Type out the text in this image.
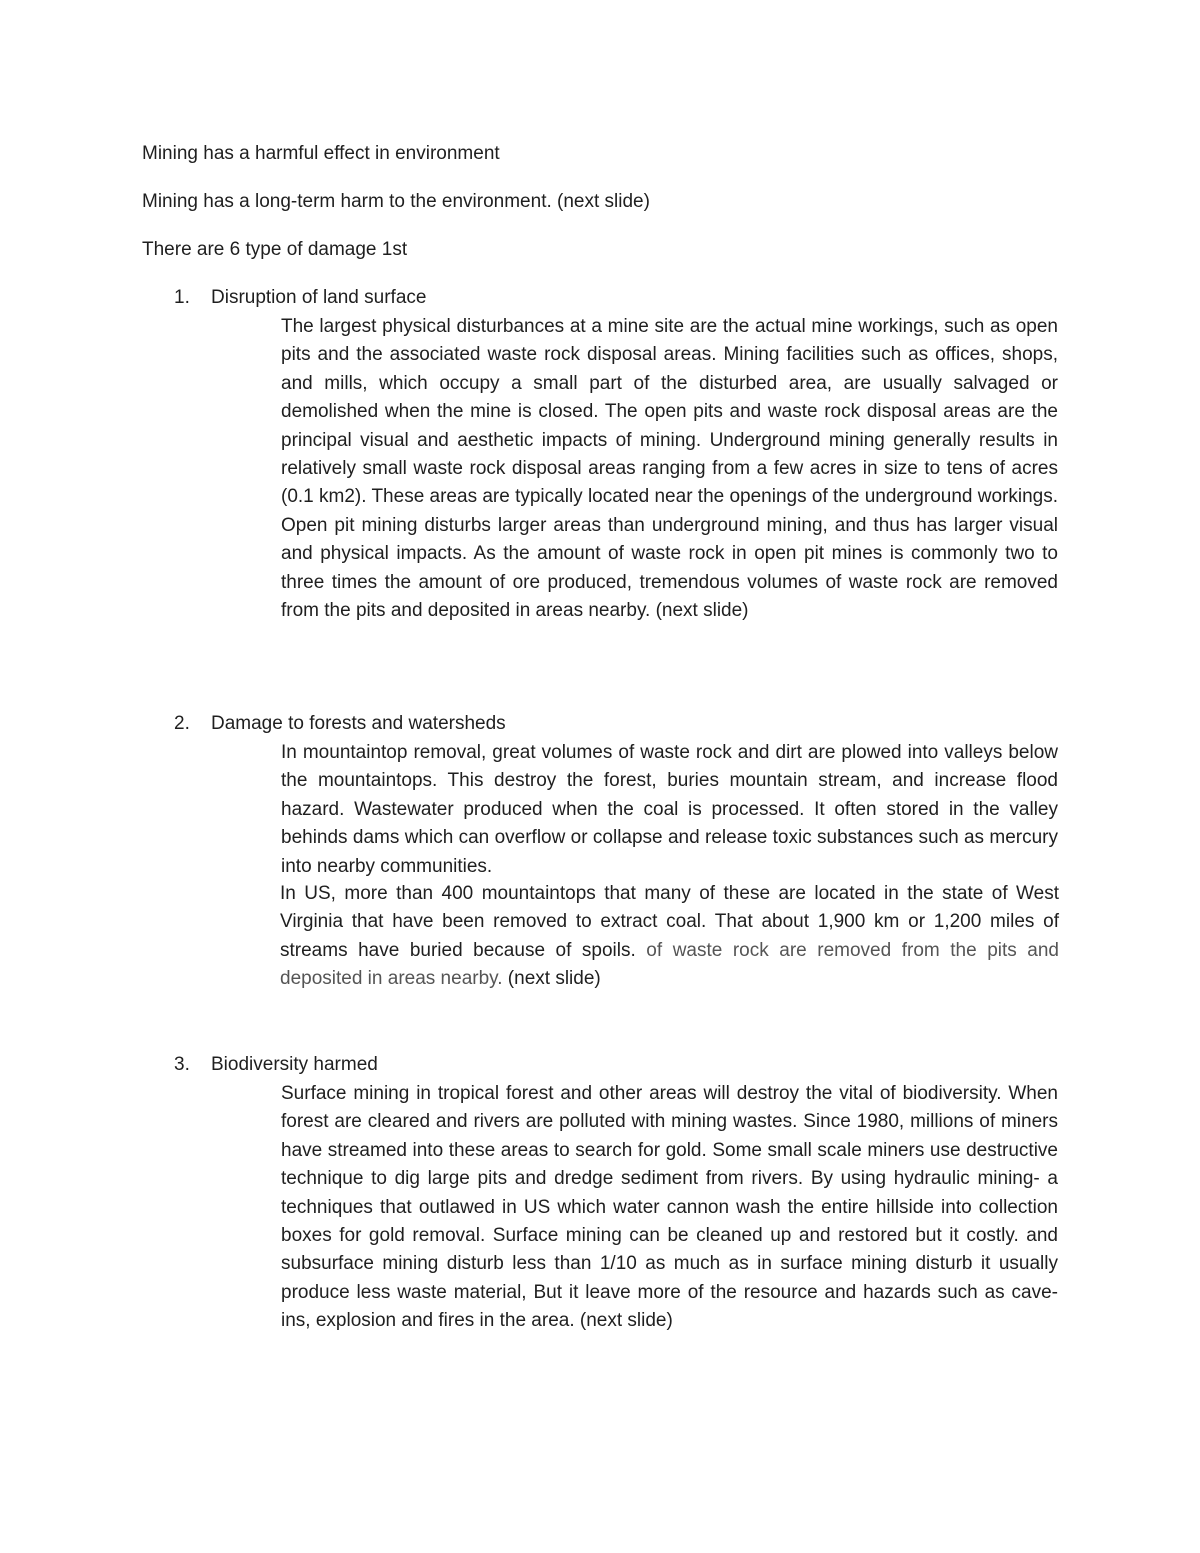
Mining has a harmful effect in environment
Mining has a long-term harm to the environment. (next slide)
There are 6 type of damage 1st
1. Disruption of land surface

The largest physical disturbances at a mine site are the actual mine workings, such as open pits and the associated waste rock disposal areas. Mining facilities such as offices, shops, and mills, which occupy a small part of the disturbed area, are usually salvaged or demolished when the mine is closed. The open pits and waste rock disposal areas are the principal visual and aesthetic impacts of mining. Underground mining generally results in relatively small waste rock disposal areas ranging from a few acres in size to tens of acres (0.1 km2). These areas are typically located near the openings of the underground workings. Open pit mining disturbs larger areas than underground mining, and thus has larger visual and physical impacts. As the amount of waste rock in open pit mines is commonly two to three times the amount of ore produced, tremendous volumes of waste rock are removed from the pits and deposited in areas nearby. (next slide)

2. Damage to forests and watersheds

In mountaintop removal, great volumes of waste rock and dirt are plowed into valleys below the mountaintops. This destroy the forest, buries mountain stream, and increase flood hazard. Wastewater produced when the coal is processed. It often stored in the valley behinds dams which can overflow or collapse and release toxic substances such as mercury into nearby communities.

In US, more than 400 mountaintops that many of these are located in the state of West Virginia that have been removed to extract coal. That about 1,900 km or 1,200 miles of streams have buried because of spoils. of waste rock are removed from the pits and deposited in areas nearby. (next slide)

3. Biodiversity harmed

Surface mining in tropical forest and other areas will destroy the vital of biodiversity. When forest are cleared and rivers are polluted with mining wastes. Since 1980, millions of miners have streamed into these areas to search for gold. Some small scale miners use destructive technique to dig large pits and dredge sediment from rivers. By using hydraulic mining- a techniques that outlawed in US which water cannon wash the entire hillside into collection boxes for gold removal. Surface mining can be cleaned up and restored but it costly. and subsurface mining disturb less than 1/10 as much as in surface mining disturb it usually produce less waste material, But it leave more of the resource and hazards such as cave-ins, explosion and fires in the area. (next slide)
